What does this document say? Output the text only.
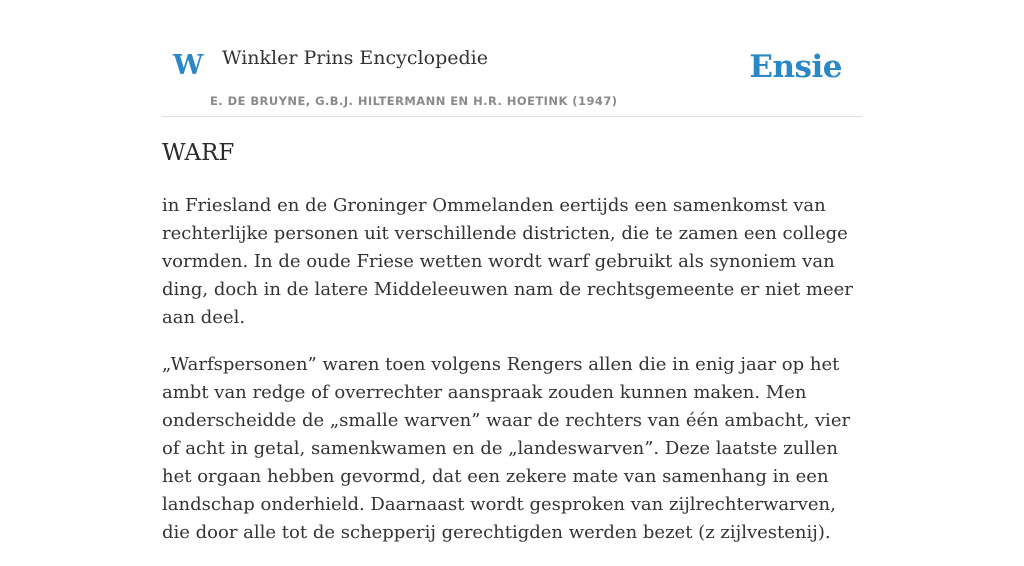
W Winkler Prins Encyclopedie
E. DE BRUYNE, G.B.J. HILTERMANN EN H.R. HOETINK (1947)
Ensie
WARF

in Friesland en de Groninger Ommelanden eertijds een samenkomst van rechterlijke personen uit verschillende districten, die te zamen een college vormden. In de oude Friese wetten wordt warf gebruikt als synoniem van ding, doch in de latere Middeleeuwen nam de rechtsgemeente er niet meer aan deel.

„Warfspersonen” waren toen volgens Rengers allen die in enig jaar op het ambt van redge of overrechter aanspraak zouden kunnen maken. Men onderscheidde de „smalle warven” waar de rechters van één ambacht, vier of acht in getal, samenkwamen en de „landeswarven”. Deze laatste zullen het orgaan hebben gevormd, dat een zekere mate van samenhang in een landschap onderhield. Daarnaast wordt gesproken van zijlrechterwarven, die door alle tot de schepperij gerechtigden werden bezet (z zijlvestenij).
